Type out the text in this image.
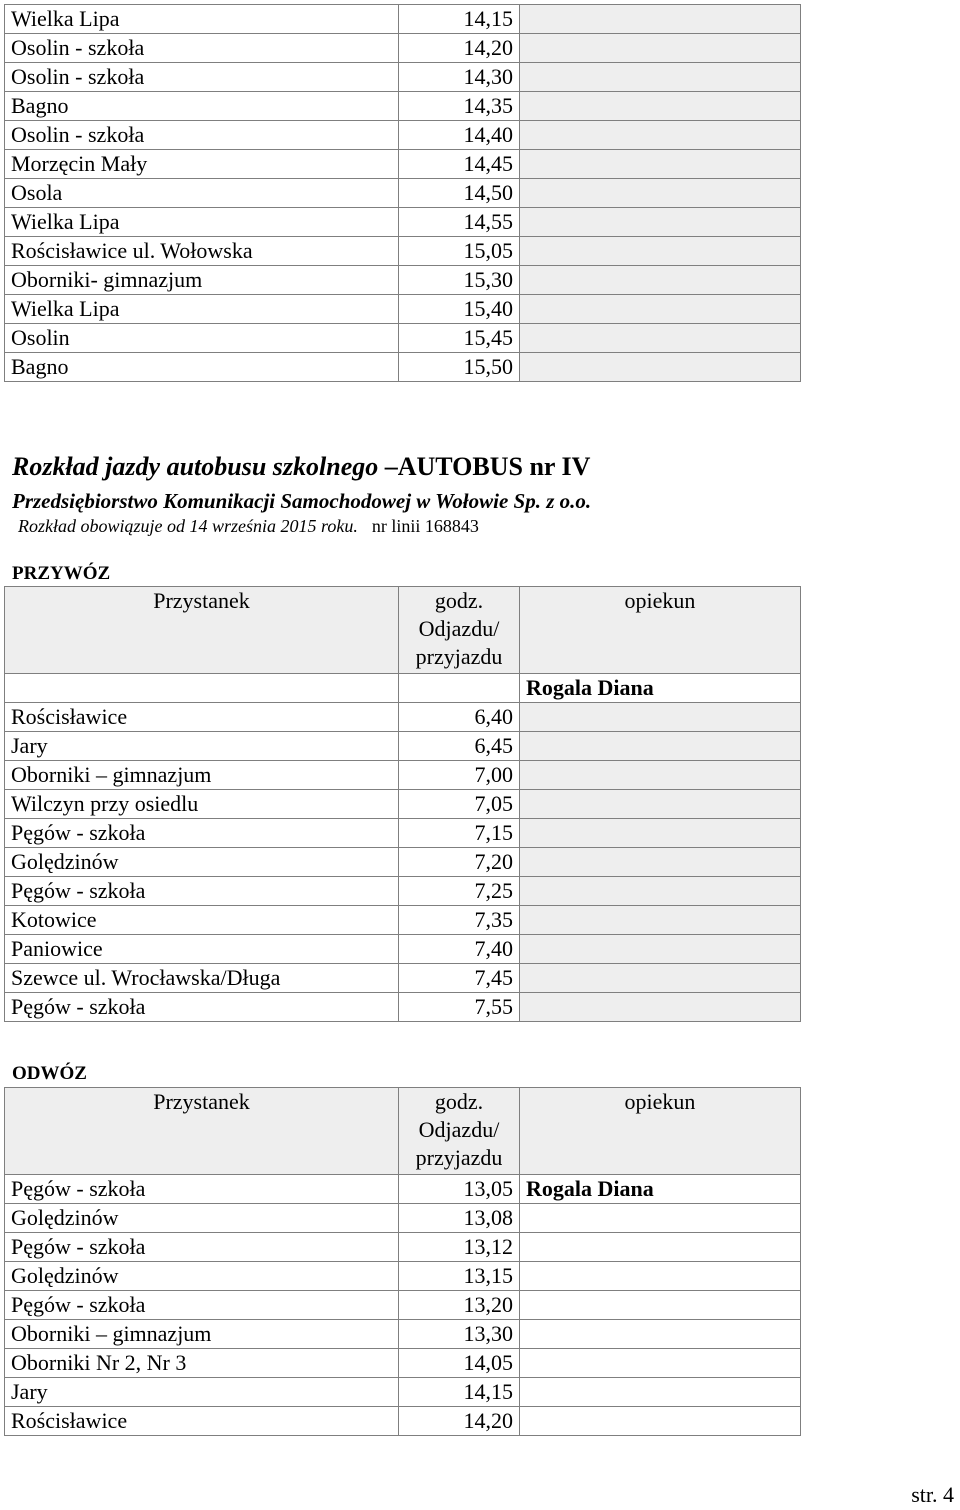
Wielka Lipa	14,15	
Osolin - szkoła	14,20	
Osolin - szkoła	14,30	
Bagno	14,35	
Osolin - szkoła	14,40	
Morzęcin Mały	14,45	
Osola	14,50	
Wielka Lipa	14,55	
Rościsławice ul. Wołowska	15,05	
Oborniki- gimnazjum	15,30	
Wielka Lipa	15,40	
Osolin	15,45	
Bagno	15,50	
Rozkład jazdy autobusu szkolnego –AUTOBUS nr IV
Przedsiębiorstwo Komunikacji Samochodowej w Wołowie Sp. z o.o.
Rozkład obowiązuje od 14 września 2015 roku. nr linii 168843
PRZYWÓZ
Przystanek	godz. Odjazdu/ przyjazdu	opiekun
		Rogala Diana
Rościsławice	6,40	
Jary	6,45	
Oborniki – gimnazjum	7,00	
Wilczyn przy osiedlu	7,05	
Pęgów - szkoła	7,15	
Golędzinów	7,20	
Pęgów - szkoła	7,25	
Kotowice	7,35	
Paniowice	7,40	
Szewce ul. Wrocławska/Długa	7,45	
Pęgów - szkoła	7,55	
ODWÓZ
Przystanek	godz. Odjazdu/ przyjazdu	opiekun
Pęgów - szkoła	13,05	Rogala Diana
Golędzinów	13,08	
Pęgów - szkoła	13,12	
Golędzinów	13,15	
Pęgów - szkoła	13,20	
Oborniki – gimnazjum	13,30	
Oborniki Nr 2, Nr 3	14,05	
Jary	14,15	
Rościsławice	14,20	
str. 4
